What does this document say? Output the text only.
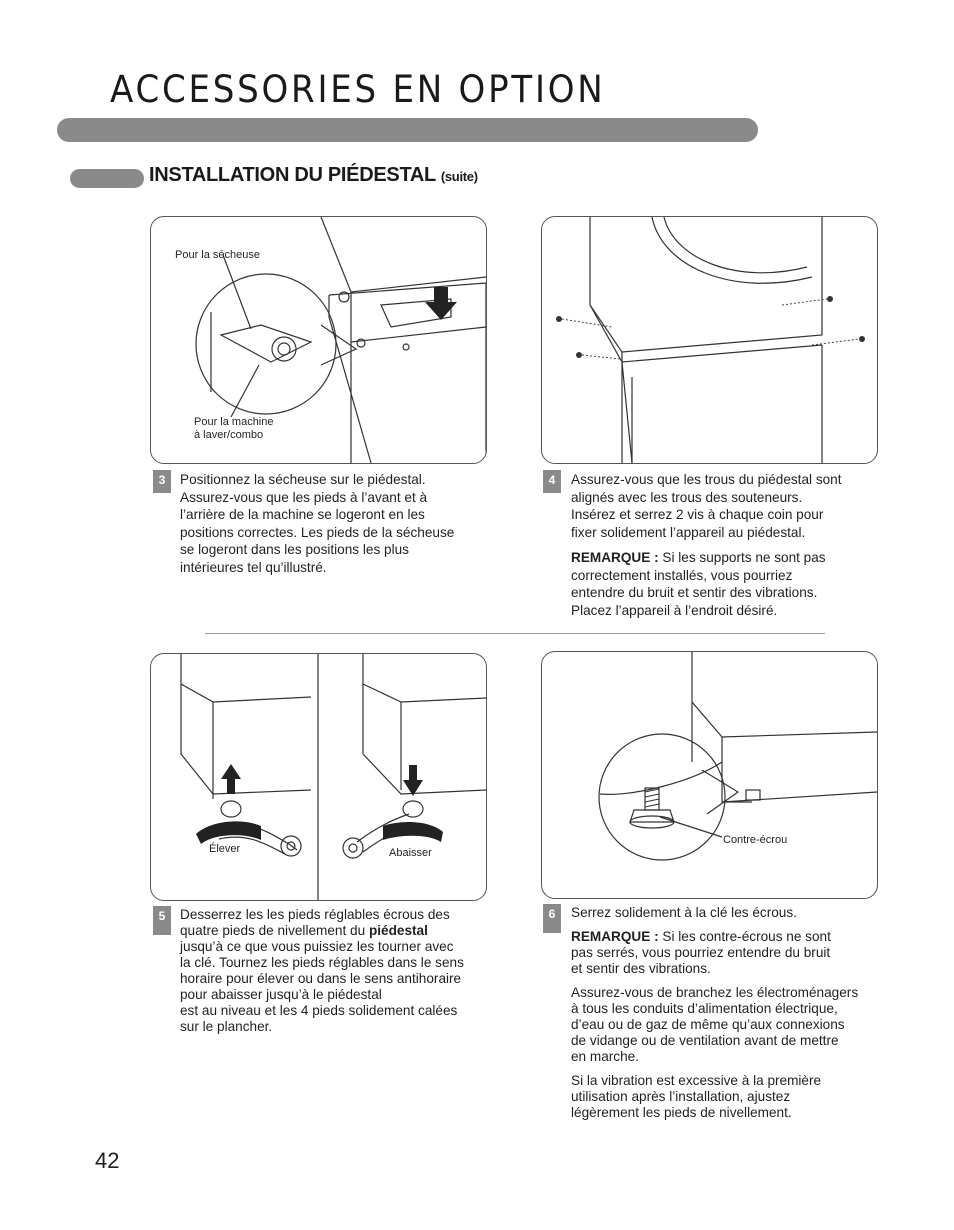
ACCESSORIES EN OPTION
INSTALLATION DU PIÉDESTAL (suite)
Pour la sécheuse
Pour la machine
à laver/combo
3	Positionnez la sécheuse sur le piédestal.
Assurez-vous que les pieds à l’avant et à
l’arrière de la machine se logeront en les
positions correctes. Les pieds de la sécheuse
se logeront dans les positions les plus
intérieures tel qu’illustré.
4	Assurez-vous que les trous du piédestal sont
alignés avec les trous des souteneurs.
Insérez et serrez 2 vis à chaque coin pour
fixer solidement l’appareil au piédestal.

REMARQUE : Si les supports ne sont pas
correctement installés, vous pourriez
entendre du bruit et sentir des vibrations.
Placez l’appareil à l’endroit désiré.

Élever	Abaisser
5	Desserrez les les pieds réglables écrous des
quatre pieds de nivellement du piédestal
jusqu’à ce que vous puissiez les tourner avec
la clé. Tournez les pieds réglables dans le sens
horaire pour élever ou dans le sens antihoraire
pour abaisser jusqu’à le piédestal
est au niveau et les 4 pieds solidement calées
sur le plancher.
Contre-écrou
6	Serrez solidement à la clé les écrous.

REMARQUE : Si les contre-écrous ne sont
pas serrés, vous pourriez entendre du bruit
et sentir des vibrations.

Assurez-vous de branchez les électroménagers
à tous les conduits d’alimentation électrique,
d’eau ou de gaz de même qu’aux connexions
de vidange ou de ventilation avant de mettre
en marche.

Si la vibration est excessive à la première
utilisation après l’installation, ajustez
légèrement les pieds de nivellement.

42
